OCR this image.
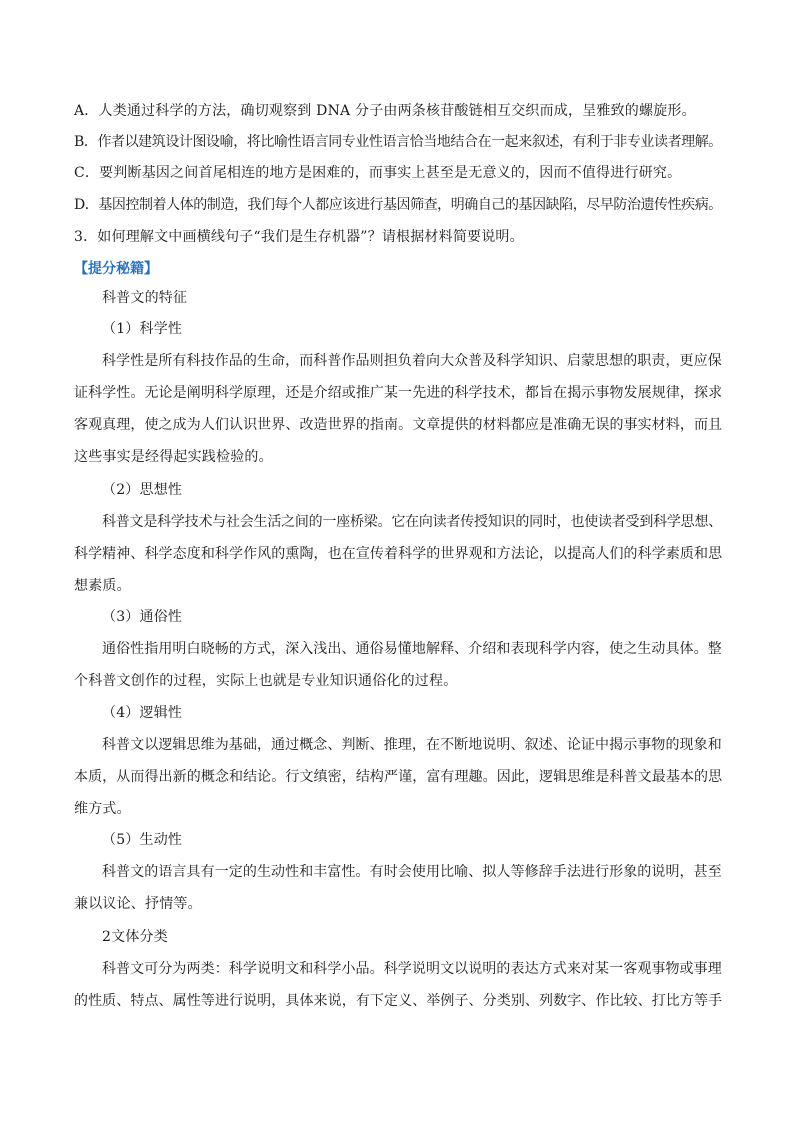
A．人类通过科学的方法，确切观察到 DNA 分子由两条核苷酸链相互交织而成，呈雅致的螺旋形。
B．作者以建筑设计图设喻，将比喻性语言同专业性语言恰当地结合在一起来叙述，有利于非专业读者理解。
C．要判断基因之间首尾相连的地方是困难的，而事实上甚至是无意义的，因而不值得进行研究。
D．基因控制着人体的制造，我们每个人都应该进行基因筛查，明确自己的基因缺陷，尽早防治遗传性疾病。
3．如何理解文中画横线句子“我们是生存机器”？请根据材料简要说明。
【提分秘籍】
科普文的特征
（1）科学性
科学性是所有科技作品的生命，而科普作品则担负着向大众普及科学知识、启蒙思想的职责，更应保
证科学性。无论是阐明科学原理，还是介绍或推广某一先进的科学技术，都旨在揭示事物发展规律，探求
客观真理，使之成为人们认识世界、改造世界的指南。文章提供的材料都应是准确无误的事实材料，而且
这些事实是经得起实践检验的。
（2）思想性
科普文是科学技术与社会生活之间的一座桥梁。它在向读者传授知识的同时，也使读者受到科学思想、
科学精神、科学态度和科学作风的熏陶，也在宣传着科学的世界观和方法论，以提高人们的科学素质和思
想素质。
（3）通俗性
通俗性指用明白晓畅的方式，深入浅出、通俗易懂地解释、介绍和表现科学内容，使之生动具体。整
个科普文创作的过程，实际上也就是专业知识通俗化的过程。
（4）逻辑性
科普文以逻辑思维为基础，通过概念、判断、推理，在不断地说明、叙述、论证中揭示事物的现象和
本质，从而得出新的概念和结论。行文缜密，结构严谨，富有理趣。因此，逻辑思维是科普文最基本的思
维方式。
（5）生动性
科普文的语言具有一定的生动性和丰富性。有时会使用比喻、拟人等修辞手法进行形象的说明，甚至
兼以议论、抒情等。
2文体分类
科普文可分为两类：科学说明文和科学小品。科学说明文以说明的表达方式来对某一客观事物或事理
的性质、特点、属性等进行说明，具体来说，有下定义、举例子、分类别、列数字、作比较、打比方等手
